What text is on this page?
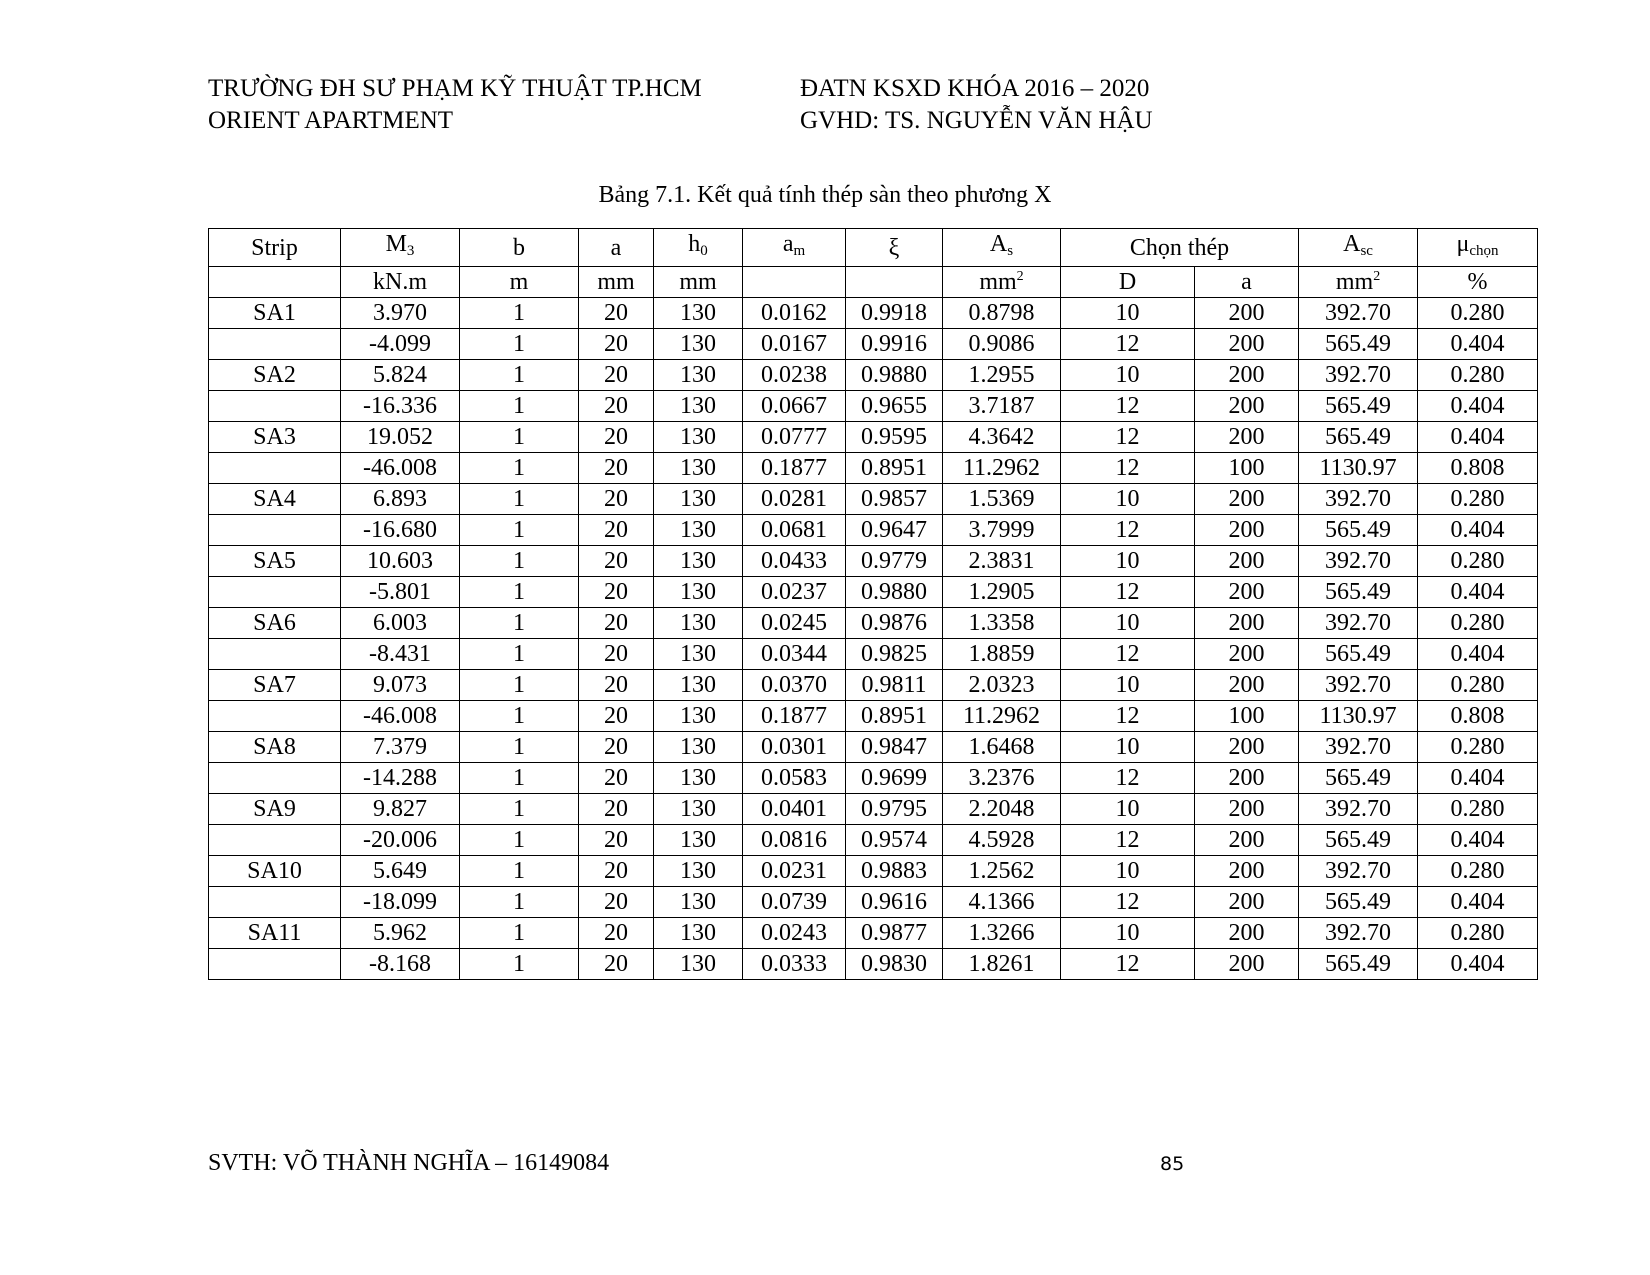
TRƯỜNG ĐH SƯ PHẠM KỸ THUẬT TP.HCM
ORIENT APARTMENT
ĐATN KSXD KHÓA 2016 – 2020
GVHD: TS. NGUYỄN VĂN HẬU
Bảng 7.1. Kết quả tính thép sàn theo phương X
Strip	M3	b	a	h0	am	ξ	As	Chọn thép		Asc	μchọn
	kN.m	m	mm	mm			$mm^2$	D	a	$mm^2$	%
SA1	3.970	1	20	130	0.0162	0.9918	0.8798	10	200	392.70	0.280
	-4.099	1	20	130	0.0167	0.9916	0.9086	12	200	565.49	0.404
SA2	5.824	1	20	130	0.0238	0.9880	1.2955	10	200	392.70	0.280
	-16.336	1	20	130	0.0667	0.9655	3.7187	12	200	565.49	0.404
SA3	19.052	1	20	130	0.0777	0.9595	4.3642	12	200	565.49	0.404
	-46.008	1	20	130	0.1877	0.8951	11.2962	12	100	1130.97	0.808
SA4	6.893	1	20	130	0.0281	0.9857	1.5369	10	200	392.70	0.280
	-16.680	1	20	130	0.0681	0.9647	3.7999	12	200	565.49	0.404
SA5	10.603	1	20	130	0.0433	0.9779	2.3831	10	200	392.70	0.280
	-5.801	1	20	130	0.0237	0.9880	1.2905	12	200	565.49	0.404
SA6	6.003	1	20	130	0.0245	0.9876	1.3358	10	200	392.70	0.280
	-8.431	1	20	130	0.0344	0.9825	1.8859	12	200	565.49	0.404
SA7	9.073	1	20	130	0.0370	0.9811	2.0323	10	200	392.70	0.280
	-46.008	1	20	130	0.1877	0.8951	11.2962	12	100	1130.97	0.808
SA8	7.379	1	20	130	0.0301	0.9847	1.6468	10	200	392.70	0.280
	-14.288	1	20	130	0.0583	0.9699	3.2376	12	200	565.49	0.404
SA9	9.827	1	20	130	0.0401	0.9795	2.2048	10	200	392.70	0.280
	-20.006	1	20	130	0.0816	0.9574	4.5928	12	200	565.49	0.404
SA10	5.649	1	20	130	0.0231	0.9883	1.2562	10	200	392.70	0.280
	-18.099	1	20	130	0.0739	0.9616	4.1366	12	200	565.49	0.404
SA11	5.962	1	20	130	0.0243	0.9877	1.3266	10	200	392.70	0.280
	-8.168	1	20	130	0.0333	0.9830	1.8261	12	200	565.49	0.404
SVTH: VÕ THÀNH NGHĨA – 16149084	85
